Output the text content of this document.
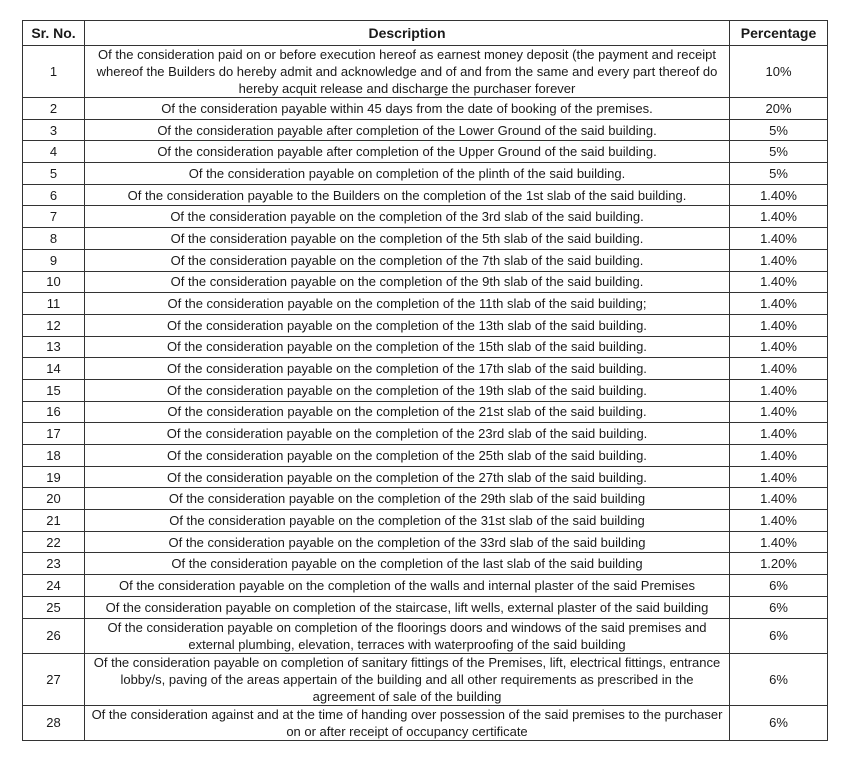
Sr. No.	Description	Percentage
1	Of the consideration paid on or before execution hereof as earnest money deposit (the payment and receipt whereof the Builders do hereby admit and acknowledge and of and from the same and every part thereof do hereby acquit release and discharge the purchaser forever	10%
2	Of the consideration payable within 45 days from the date of booking of the premises.	20%
3	Of the consideration payable after completion of the Lower Ground of the said building.	5%
4	Of the consideration payable after completion of the Upper Ground of the said building.	5%
5	Of the consideration payable on completion of the plinth of the said building.	5%
6	Of the consideration payable to the Builders on the completion of the 1st slab of the said building.	1.40%
7	Of the consideration payable on the completion of the 3rd slab of the said building.	1.40%
8	Of the consideration payable on the completion of the 5th slab of the said building.	1.40%
9	Of the consideration payable on the completion of the 7th slab of the said building.	1.40%
10	Of the consideration payable on the completion of the 9th slab of the said building.	1.40%
11	Of the consideration payable on the completion of the 11th slab of the said building;	1.40%
12	Of the consideration payable on the completion of the 13th slab of the said building.	1.40%
13	Of the consideration payable on the completion of the 15th slab of the said building.	1.40%
14	Of the consideration payable on the completion of the 17th slab of the said building.	1.40%
15	Of the consideration payable on the completion of the 19th slab of the said building.	1.40%
16	Of the consideration payable on the completion of the 21st slab of the said building.	1.40%
17	Of the consideration payable on the completion of the 23rd slab of the said building.	1.40%
18	Of the consideration payable on the completion of the 25th slab of the said building.	1.40%
19	Of the consideration payable on the completion of the 27th slab of the said building.	1.40%
20	Of the consideration payable on the completion of the 29th slab of the said building	1.40%
21	Of the consideration payable on the completion of the 31st slab of the said building	1.40%
22	Of the consideration payable on the completion of the 33rd slab of the said building	1.40%
23	Of the consideration payable on the completion of the last slab of the said building	1.20%
24	Of the consideration payable on the completion of the walls and internal plaster of the said Premises	6%
25	Of the consideration payable on completion of the staircase, lift wells, external plaster of the said building	6%
26	Of the consideration payable on completion of the floorings doors and windows of the said premises and external plumbing, elevation, terraces with waterproofing of the said building	6%
27	Of the consideration payable on completion of sanitary fittings of the Premises, lift, electrical fittings, entrance lobby/s, paving of the areas appertain of the building and all other requirements as prescribed in the agreement of sale of the building	6%
28	Of the consideration against and at the time of handing over possession of the said premises to the purchaser on or after receipt of occupancy certificate	6%
